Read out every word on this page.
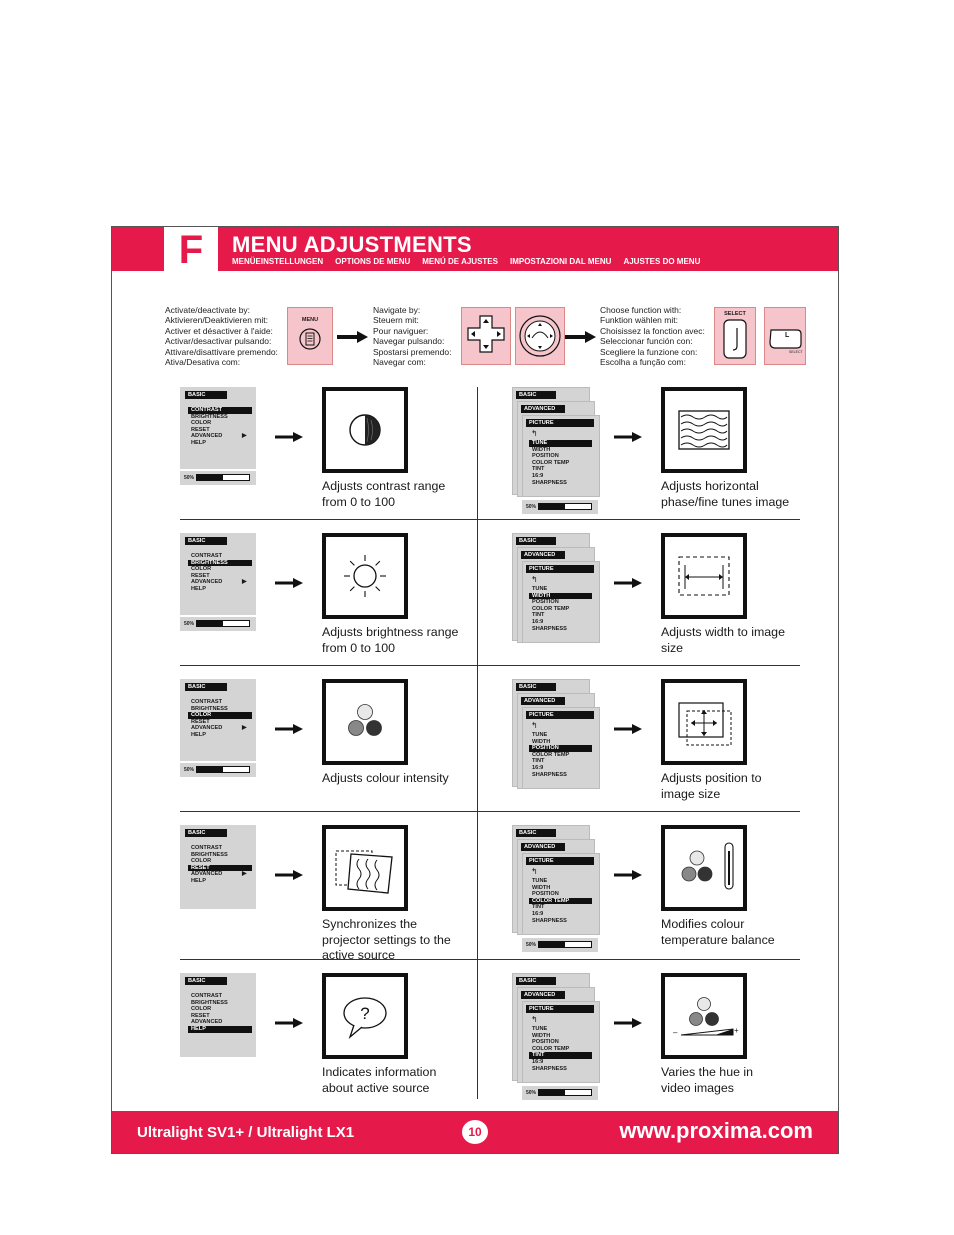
F	MENU ADJUSTMENTS
MENÜEINSTELLUNGEN OPTIONS DE MENU MENÚ DE AJUSTES IMPOSTAZIONI DAL MENU AJUSTES DO MENU
Activate/deactivate by:
Aktivieren/Deaktivieren mit:
Activer et désactiver à l'aide:
Activar/desactivar pulsando:
Attivare/disattivare premendo:
Ativa/Desativa com:
MENU
Navigate by:
Steuern mit:
Pour naviguer:
Navegar pulsando:
Spostarsi premendo:
Navegar com:
Choose function with:
Funktion wählen mit:
Choisissez la fonction avec:
Seleccionar función con:
Scegliere la funzione con:
Escolha a função com:
SELECT
L
SELECT
BASIC
CONTRAST
BRIGHTNESS
COLOR
RESET
ADVANCED
HELP
▶
50%
Adjusts contrast range
from 0 to 100
BASIC
CONTRAST
BRIGHTNESS
COLOR
RESET
ADVANCED
HELP
▶
50%
Adjusts brightness range
from 0 to 100
BASIC
CONTRAST
BRIGHTNESS
COLOR
RESET
ADVANCED
HELP
▶
50%
Adjusts colour intensity
BASIC
CONTRAST
BRIGHTNESS
COLOR
RESET
ADVANCED
HELP
▶
Synchronizes the
projector settings to the
active source
BASIC
CONTRAST
BRIGHTNESS
COLOR
RESET
ADVANCED
HELP
?
Indicates information
about active source
BASIC
ADVANCED
PICTURE
↰
TUNE
WIDTH
POSITION
COLOR TEMP
TINT
16:9
SHARPNESS
50%
Adjusts horizontal
phase/fine tunes image
BASIC
ADVANCED
PICTURE
↰
TUNE
WIDTH
POSITION
COLOR TEMP
TINT
16:9
SHARPNESS	Adjusts width to image
size
BASIC
ADVANCED
PICTURE
↰
TUNE
WIDTH
POSITION
COLOR TEMP
TINT
16:9
SHARPNESS	Adjusts position to
image size
BASIC
ADVANCED
PICTURE
↰
TUNE
WIDTH
POSITION
COLOR TEMP
TINT
16:9
SHARPNESS
50%
Modifies colour
temperature balance
BASIC
ADVANCED
PICTURE
↰
TUNE
WIDTH
POSITION
COLOR TEMP
TINT
16:9
SHARPNESS
50%
–	+
Varies the hue in
video images
Ultralight SV1+ / Ultralight LX1	10	www.proxima.com
